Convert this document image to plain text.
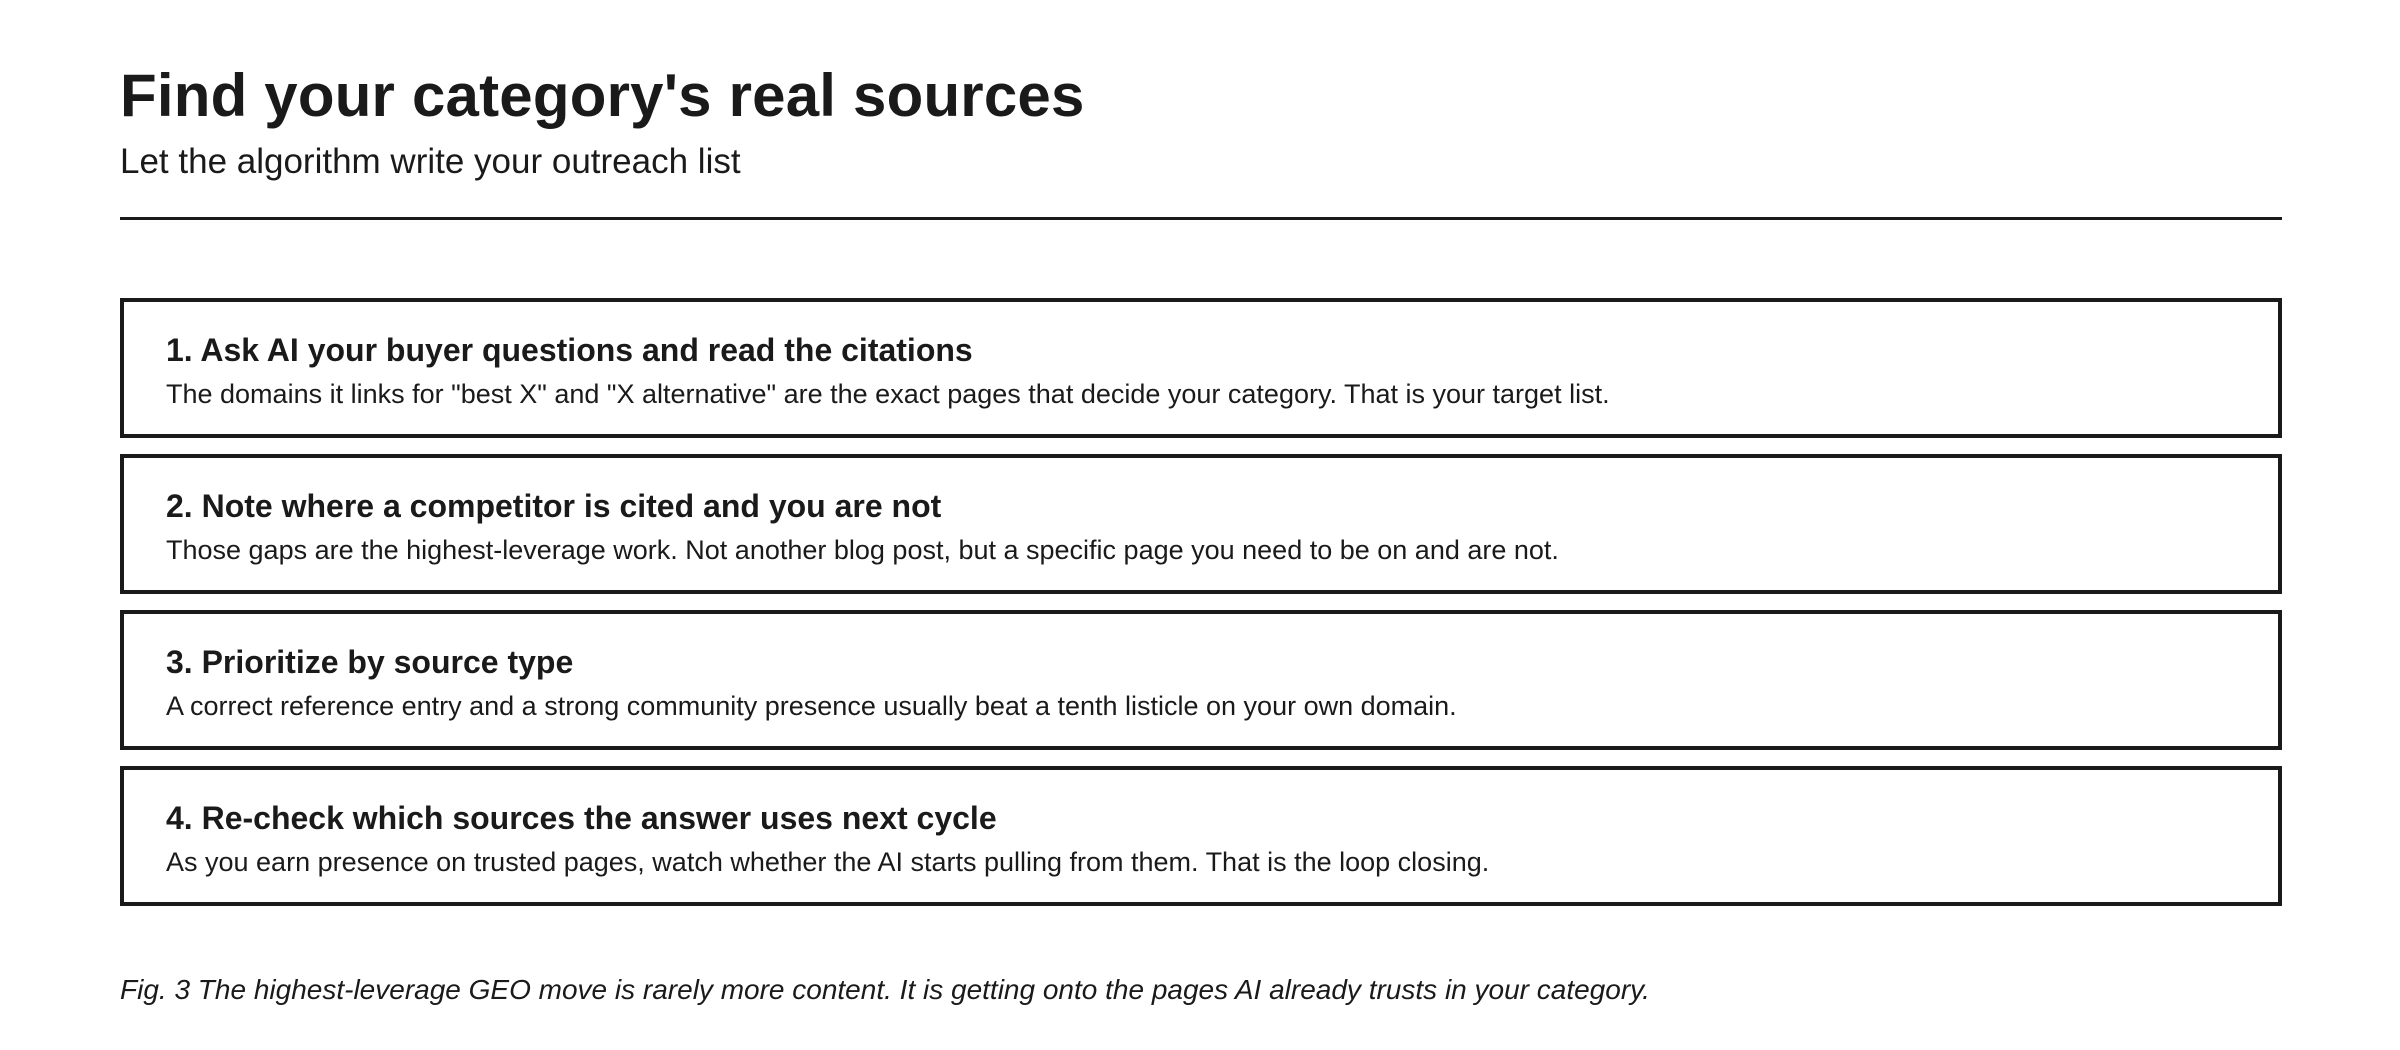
Find your category's real sources

Let the algorithm write your outreach list

1. Ask AI your buyer questions and read the citations
The domains it links for "best X" and "X alternative" are the exact pages that decide your category. That is your target list.
2. Note where a competitor is cited and you are not
Those gaps are the highest-leverage work. Not another blog post, but a specific page you need to be on and are not.
3. Prioritize by source type
A correct reference entry and a strong community presence usually beat a tenth listicle on your own domain.
4. Re-check which sources the answer uses next cycle
As you earn presence on trusted pages, watch whether the AI starts pulling from them. That is the loop closing.

Fig. 3 The highest-leverage GEO move is rarely more content. It is getting onto the pages AI already trusts in your category.
